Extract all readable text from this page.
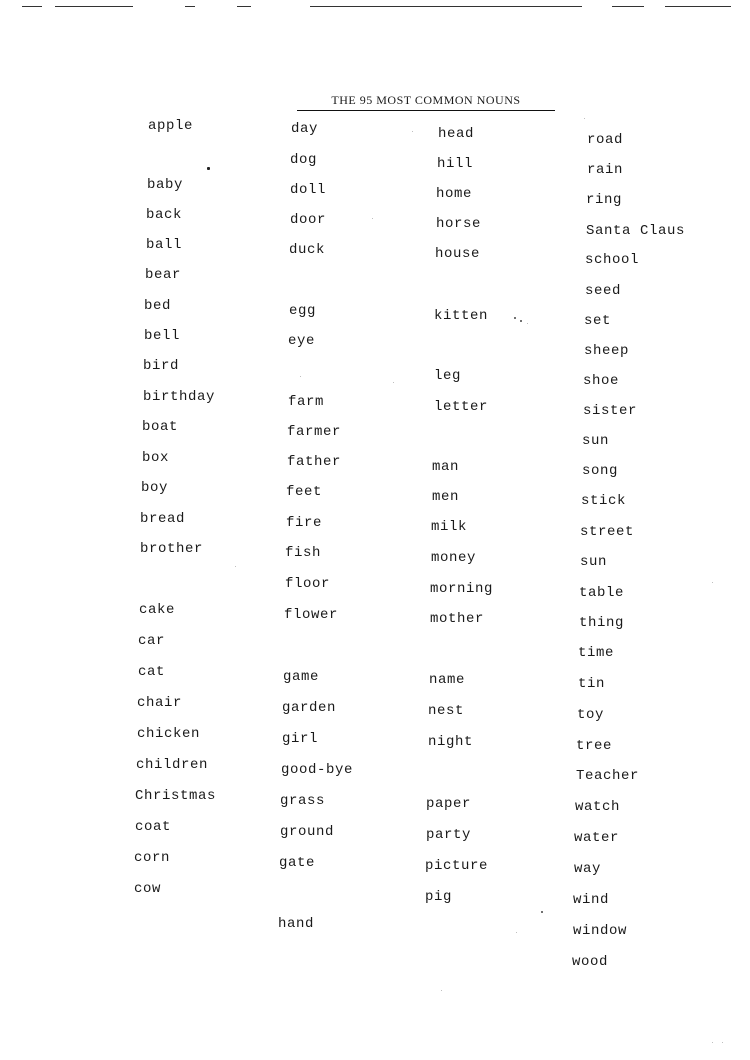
THE 95 MOST COMMON NOUNS
apple
baby
back
ball
bear
bed
bell
bird
birthday
boat
box
boy
bread
brother
cake
car
cat
chair
chicken
children
Christmas
coat
corn
cow
day
dog
doll
door
duck
egg
eye
farm
farmer
father
feet
fire
fish
floor
flower
game
garden
girl
good-bye
grass
ground
gate
hand
head
hill
home
horse
house
kitten
leg
letter
man
men
milk
money
morning
mother
name
nest
night
paper
party
picture
pig
road
rain
ring
Santa Claus
school
seed
set
sheep
shoe
sister
sun
song
stick
street
sun
table
thing
time
tin
toy
tree
Teacher
watch
water
way
wind
window
wood
